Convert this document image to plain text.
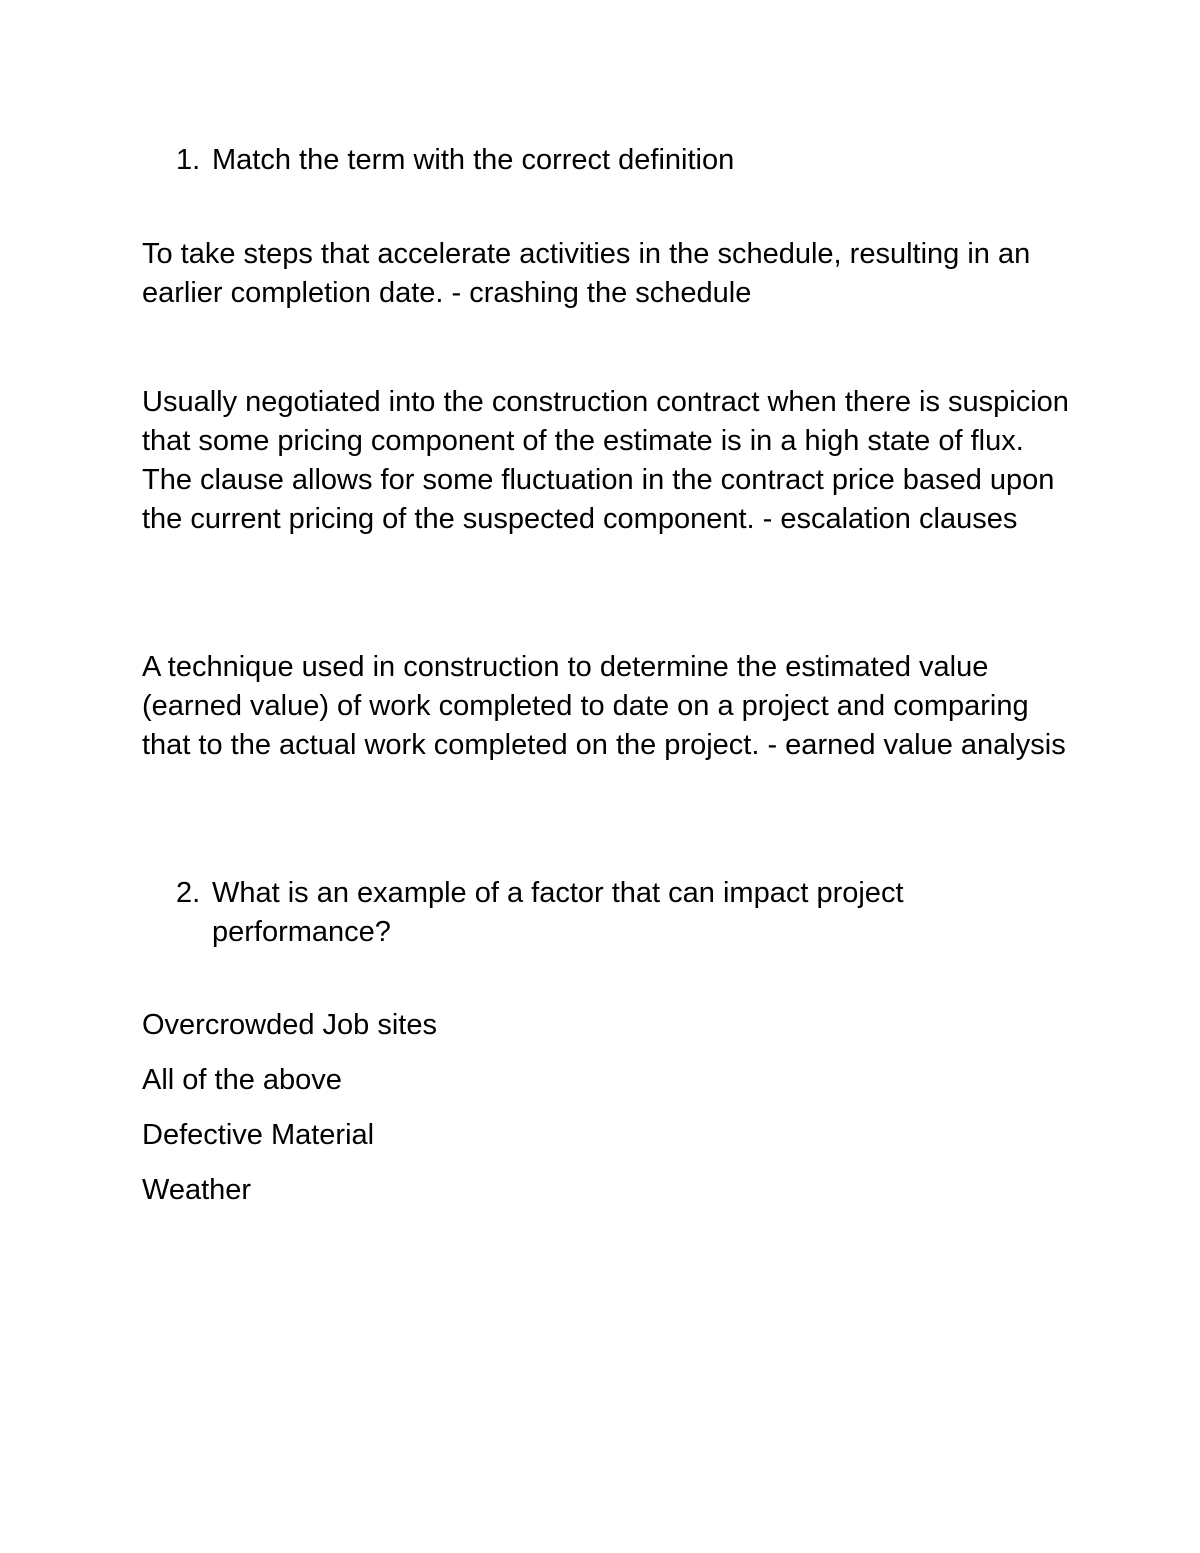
1. Match the term with the correct definition

To take steps that accelerate activities in the schedule, resulting in an earlier completion date. - crashing the schedule

Usually negotiated into the construction contract when there is suspicion that some pricing component of the estimate is in a high state of flux. The clause allows for some fluctuation in the contract price based upon the current pricing of the suspected component. - escalation clauses

A technique used in construction to determine the estimated value (earned value) of work completed to date on a project and comparing that to the actual work completed on the project. - earned value analysis

2. What is an example of a factor that can impact project performance?

Overcrowded Job sites
All of the above
Defective Material
Weather
